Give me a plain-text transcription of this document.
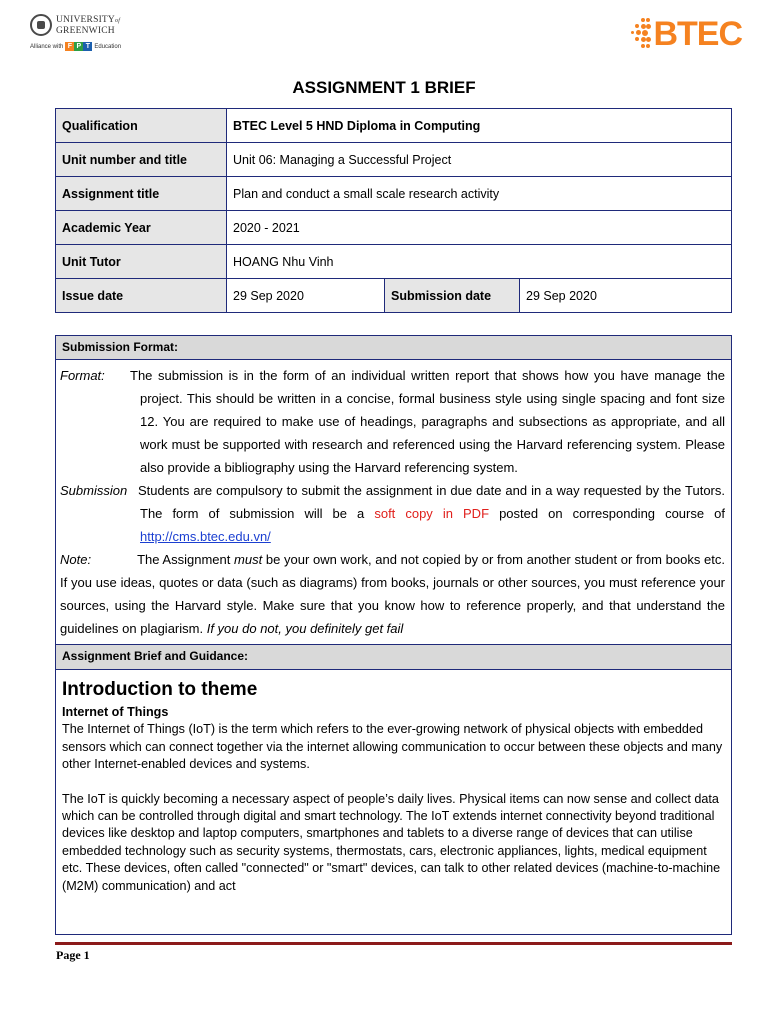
UNIVERSITYof
GREENWICH
Alliance with F P T Education	BTEC
ASSIGNMENT 1 BRIEF
Qualification	BTEC Level 5 HND Diploma in Computing		
Unit number and title	Unit 06: Managing a Successful Project		
Assignment title	Plan and conduct a small scale research activity		
Academic Year	2020 - 2021		
Unit Tutor	HOANG Nhu Vinh		
Issue date	29 Sep 2020	Submission date	29 Sep 2020
Submission Format:
Format:	The submission is in the form of an individual written report that shows how you have manage the project. This should be written in a concise, formal business style using single spacing and font size 12. You are required to make use of headings, paragraphs and subsections as appropriate, and all work must be supported with research and referenced using the Harvard referencing system. Please also provide a bibliography using the Harvard referencing system.
Submission Students are compulsory to submit the assignment in due date and in a way requested by the Tutors. The form of submission will be a soft copy in PDF posted on corresponding course of http://cms.btec.edu.vn/
Note:	The Assignment must be your own work, and not copied by or from another student or from books etc. If you use ideas, quotes or data (such as diagrams) from books, journals or other sources, you must reference your sources, using the Harvard style. Make sure that you know how to reference properly, and that understand the guidelines on plagiarism. If you do not, you definitely get fail
Assignment Brief and Guidance:
Introduction to theme
Internet of Things

The Internet of Things (IoT) is the term which refers to the ever-growing network of physical objects with embedded sensors which can connect together via the internet allowing communication to occur between these objects and many other Internet-enabled devices and systems.

The IoT is quickly becoming a necessary aspect of people’s daily lives. Physical items can now sense and collect data which can be controlled through digital and smart technology. The IoT extends internet connectivity beyond traditional devices like desktop and laptop computers, smartphones and tablets to a diverse range of devices that can utilise embedded technology such as security systems, thermostats, cars, electronic appliances, lights, medical equipment etc. These devices, often called "connected" or "smart" devices, can talk to other related devices (machine-to-machine (M2M) communication) and act

Page 1
